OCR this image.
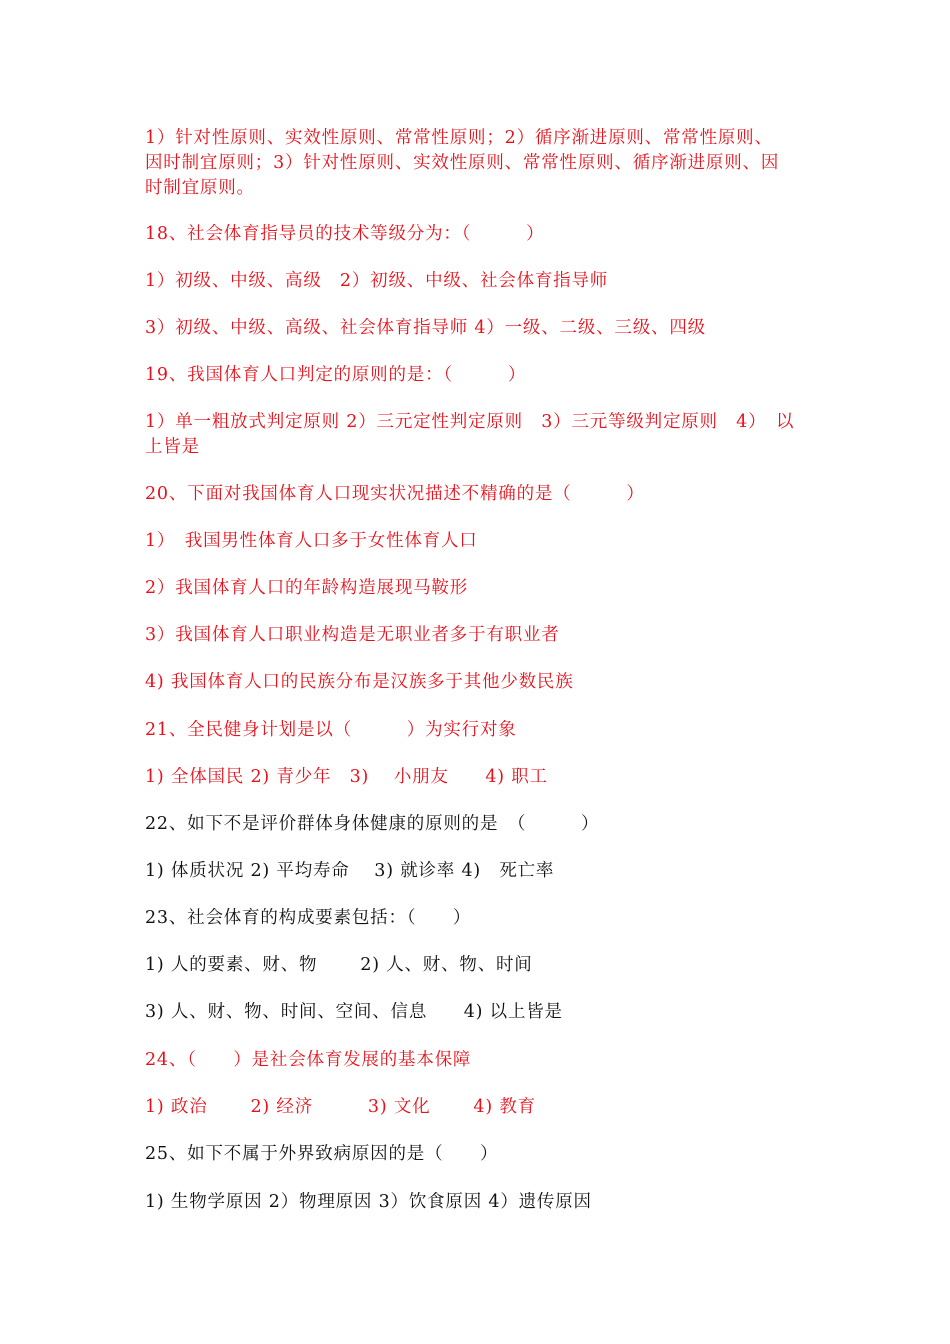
1）针对性原则、实效性原则、常常性原则；2）循序渐进原则、常常性原则、
因时制宜原则；3）针对性原则、实效性原则、常常性原则、循序渐进原则、因
时制宜原则。
18、社会体育指导员的技术等级分为：（　　　）
1）初级、中级、高级　2）初级、中级、社会体育指导师
3）初级、中级、高级、社会体育指导师 4）一级、二级、三级、四级
19、我国体育人口判定的原则的是：（　　　）
1）单一粗放式判定原则 2）三元定性判定原则　3）三元等级判定原则　4）　以
上皆是
20、下面对我国体育人口现实状况描述不精确的是（　　　）
1）　我国男性体育人口多于女性体育人口
2）我国体育人口的年龄构造展现马鞍形
3）我国体育人口职业构造是无职业者多于有职业者
4) 我国体育人口的民族分布是汉族多于其他少数民族
21、全民健身计划是以（　　　）为实行对象
1) 全体国民 2) 青少年　3)　 小朋友　　4) 职工
22、如下不是评价群体身体健康的原则的是　（　　　）
1) 体质状况 2) 平均寿命　 3) 就诊率 4)　死亡率
23、社会体育的构成要素包括：（　　）
1) 人的要素、财、物　　 2) 人、财、物、时间
3) 人、财、物、时间、空间、信息　　4) 以上皆是
24、（　　）是社会体育发展的基本保障
1) 政治　　 2) 经济　　　3) 文化　　 4) 教育
25、如下不属于外界致病原因的是（　　）
1) 生物学原因 2）物理原因 3）饮食原因 4）遗传原因
